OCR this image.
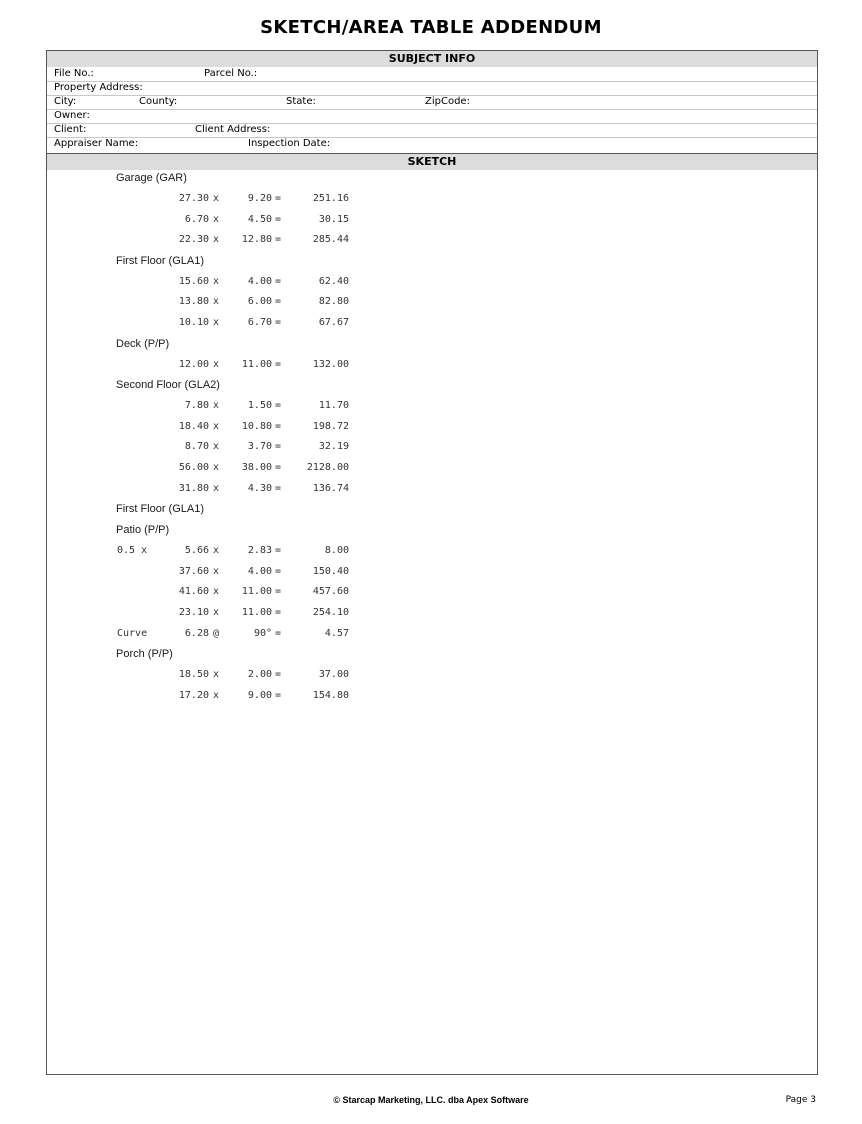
SKETCH/AREA TABLE ADDENDUM
SUBJECT INFO
File No.:	Parcel No.:
Property Address:
City:	County:	State:	ZipCode:
Owner:
Client:	Client Address:
Appraiser Name:	Inspection Date:
SKETCH
Garage (GAR)
27.30 x	9.20 =	251.16
6.70 x	4.50 =	30.15
22.30 x	12.80 =	285.44
First Floor (GLA1)
15.60 x	4.00 =	62.40
13.80 x	6.00 =	82.80
10.10 x	6.70 =	67.67
Deck (P/P)
12.00 x	11.00 =	132.00
Second Floor (GLA2)
7.80 x	1.50 =	11.70
18.40 x	10.80 =	198.72
8.70 x	3.70 =	32.19
56.00 x	38.00 =	2128.00
31.80 x	4.30 =	136.74
First Floor (GLA1)
Patio (P/P)
0.5 x	5.66 x	2.83 =	8.00
37.60 x	4.00 =	150.40
41.60 x	11.00 =	457.60
23.10 x	11.00 =	254.10
Curve	6.28 @	90° =	4.57
Porch (P/P)
18.50 x	2.00 =	37.00
17.20 x	9.00 =	154.80
© Starcap Marketing, LLC. dba Apex Software	Page 3
